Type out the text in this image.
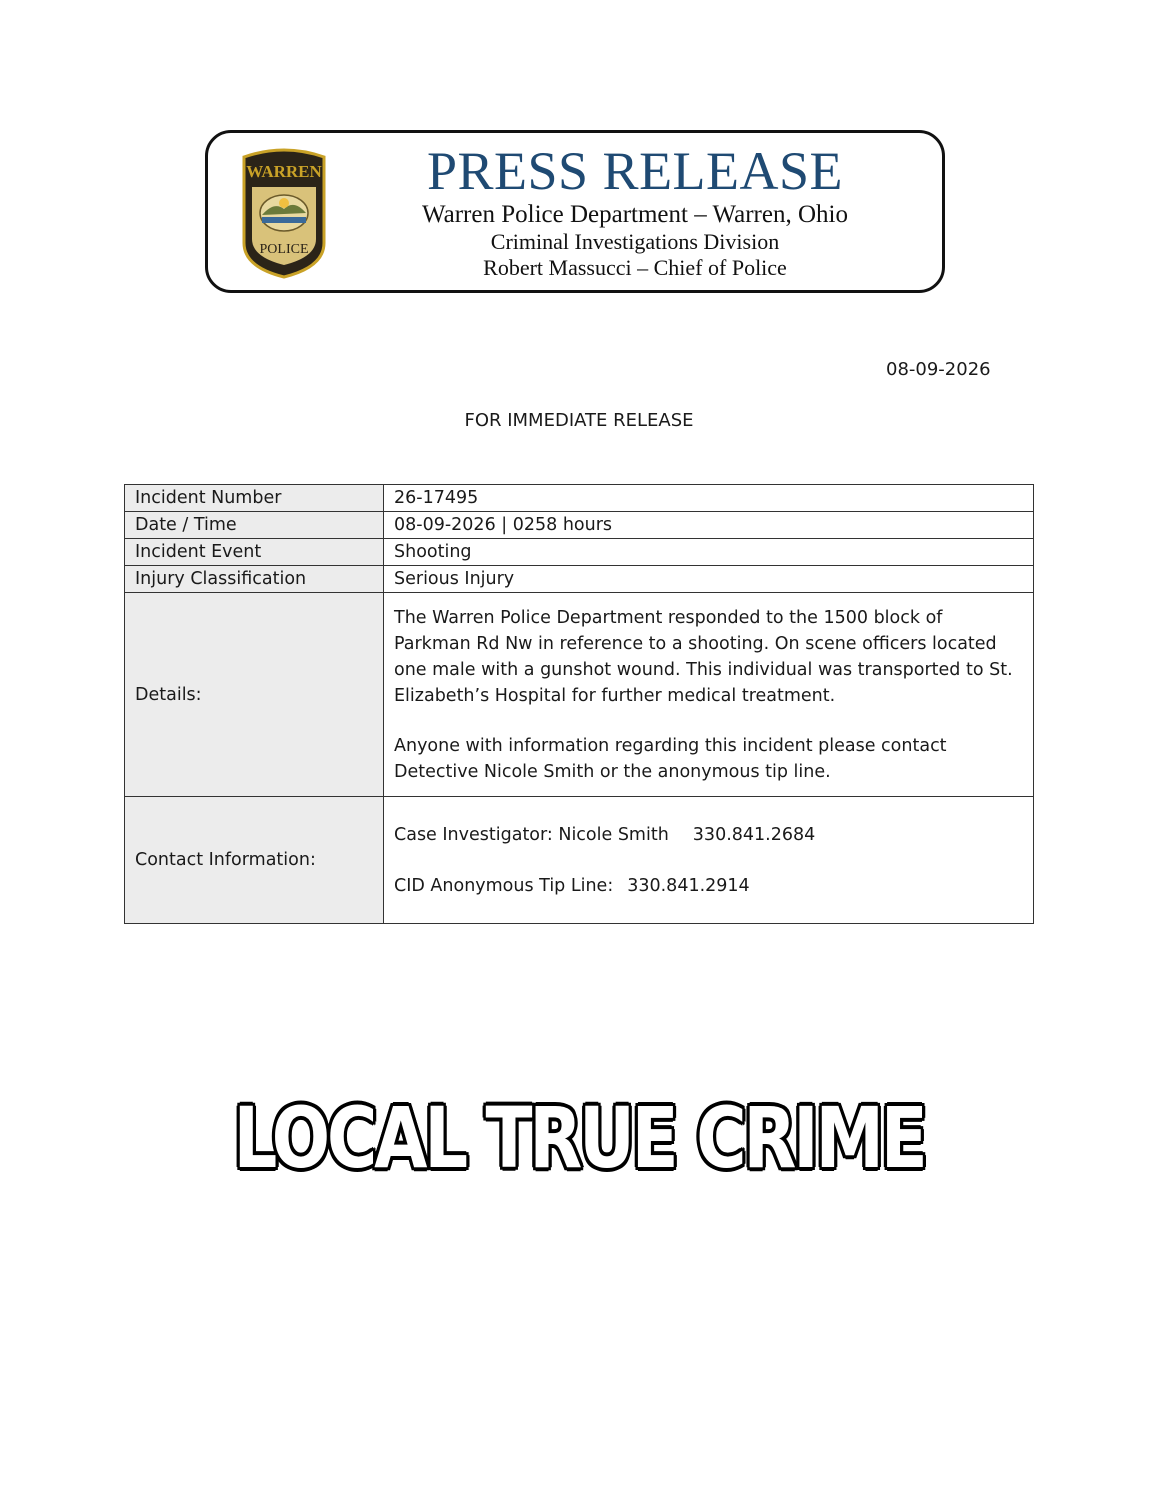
WARREN
POLICE
PRESS RELEASE
Warren Police Department – Warren, Ohio
Criminal Investigations Division
Robert Massucci – Chief of Police
08-09-2026
FOR IMMEDIATE RELEASE
Incident Number	26-17495
Date / Time	08-09-2026 | 0258 hours
Incident Event	Shooting
Injury Classification	Serious Injury
Details:	The Warren Police Department responded to the 1500 block of Parkman Rd Nw in reference to a shooting. On scene officers located one male with a gunshot wound. This individual was transported to St. Elizabeth’s Hospital for further medical treatment.
Anyone with information regarding this incident please contact Detective Nicole Smith or the anonymous tip line.

Contact Information:	Case Investigator: Nicole Smith 330.841.2684
CID Anonymous Tip Line: 330.841.2914
LOCAL TRUE CRIME
